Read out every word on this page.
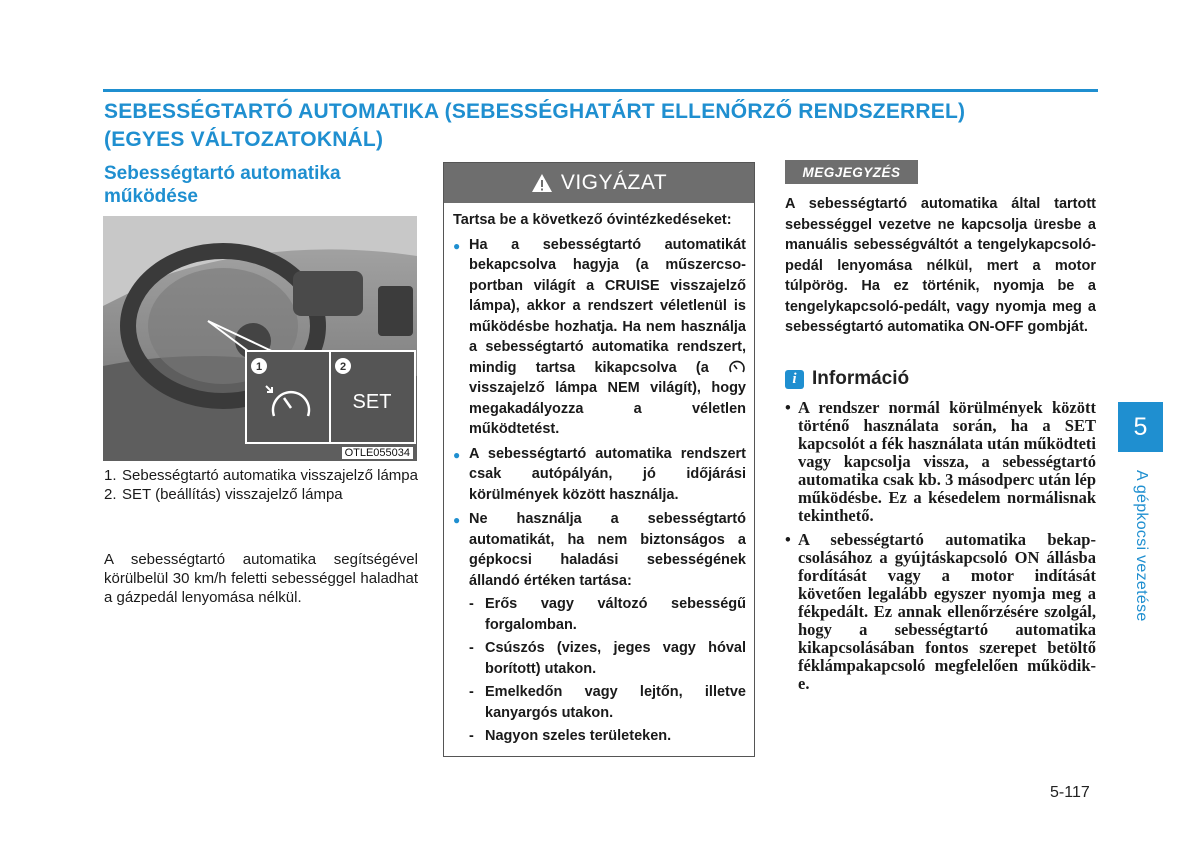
SEBESSÉGTARTÓ AUTOMATIKA (SEBESSÉGHATÁRT ELLENŐRZŐ RENDSZERREL)
(EGYES VÁLTOZATOKNÁL)
Sebességtartó automatika
működése
1	2
SET
OTLE055034
1. Sebességtartó automatika visszajelző lámpa
2. SET (beállítás) visszajelző lámpa
A sebességtartó automatika segítségével körülbelül 30 km/h feletti sebességgel haladhat a gázpedál lenyomása nélkül.
VIGYÁZAT

Tartsa be a következő óvintézkedéseket:

● Ha a sebességtartó automatikát bekapcsolva hagyja (a műszercsoportban világít a CRUISE visszajelző lámpa), akkor a rendszert véletlenül is működésbe hozhatja. Ha nem használja a sebességtartó automatika rendszert, mindig tartsa kikapcsolva (a  visszajelző lámpa NEM világít), hogy megakadályozza a véletlen működtetést.
● A sebességtartó automatika rendszert csak autópályán, jó időjárási körülmények között használja.
● Ne használja a sebességtartó automatikát, ha nem biztonságos a gépkocsi haladási sebességének állandó értéken tartása:
- Erős vagy változó sebességű forgalomban.
- Csúszós (vizes, jeges vagy hóval borított) utakon.
- Emelkedőn vagy lejtőn, illetve kanyargós utakon.
- Nagyon szeles területeken.
MEGJEGYZÉS
A sebességtartó automatika által tartott sebességgel vezetve ne kapcsolja üresbe a manuális sebességváltót a tengelykapcsoló-pedál lenyomása nélkül, mert a motor túlpörög. Ha ez történik, nyomja be a tengelykapcsoló-pedált, vagy nyomja meg a sebességtartó automatika ON-OFF gombját.
i Információ
• A rendszer normál körülmények között történő használata során, ha a SET kapcsolót a fék használata után működteti vagy kapcsolja vissza, a sebességtartó automatika csak kb. 3 másodperc után lép működésbe. Ez a késedelem normálisnak tekinthető.
• A sebességtartó automatika bekapcsolásához a gyújtáskapcsoló ON állásba fordítását vagy a motor indítását követően legalább egyszer nyomja meg a fékpedált. Ez annak ellenőrzésére szolgál, hogy a sebességtartó automatika kikapcsolásában fontos szerepet betöltő féklámpakapcsoló megfelelően működik-e.
5
A gépkocsi vezetése
5-117
